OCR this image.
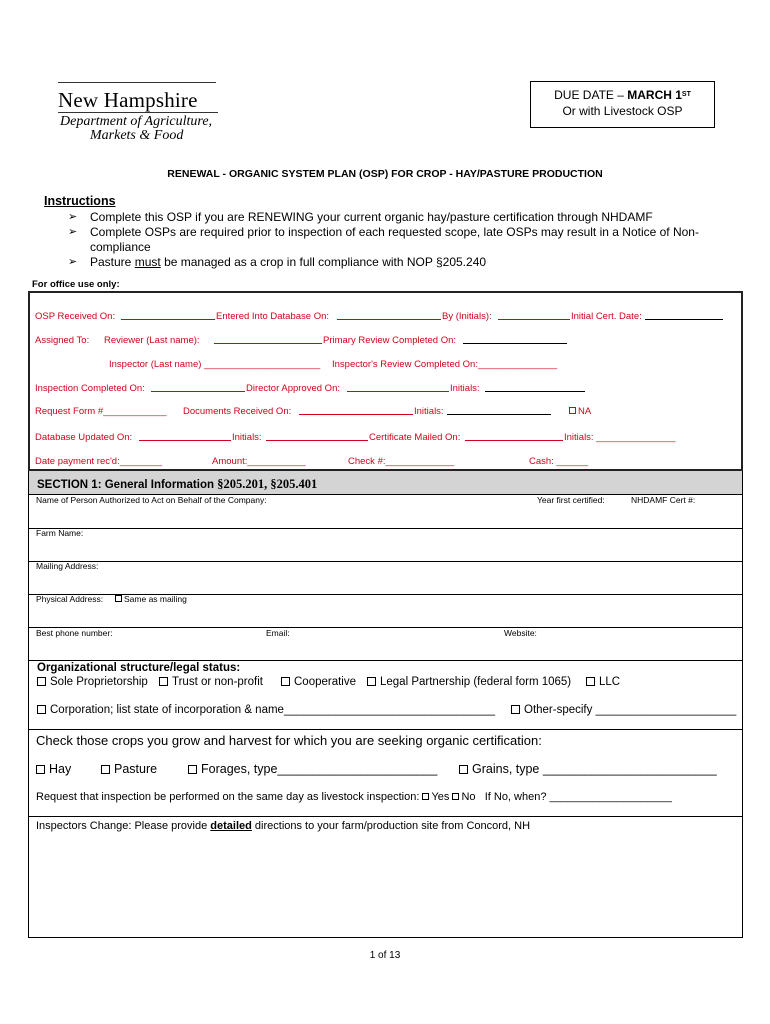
New Hampshire
Department of Agriculture,
Markets & Food
DUE DATE – MARCH 1ST
Or with Livestock OSP
RENEWAL - ORGANIC SYSTEM PLAN (OSP) FOR CROP - HAY/PASTURE PRODUCTION
Instructions
➢ Complete this OSP if you are RENEWING your current organic hay/pasture certification through NHDAMF
➢ Complete OSPs are required prior to inspection of each requested scope, late OSPs may result in a Notice of Non-compliance
➢ Pasture must be managed as a crop in full compliance with NOP §205.240
For office use only:
OSP Received On:	Entered Into Database On:	By (Initials):	Initial Cert. Date:
Assigned To: Reviewer (Last name):	Primary Review Completed On:
Inspector (Last name) ______________________ Inspector's Review Completed On:_______________
Inspection Completed On:	Director Approved On:	Initials:
Request Form #____________ Documents Received On:	Initials:	NA
Database Updated On:	Initials:	Certificate Mailed On:	Initials: _______________
Date payment rec'd:________	Amount:___________	Check #:_____________	Cash: ______
SECTION 1: General Information §205.201, §205.401
Name of Person Authorized to Act on Behalf of the Company:	Year first certified:	NHDAMF Cert #:
Farm Name:
Mailing Address:
Physical Address:	Same as mailing
Best phone number:	Email:	Website:
Organizational structure/legal status:
Sole Proprietorship	Trust or non-profit	Cooperative	Legal Partnership (federal form 1065)	LLC
Corporation; list state of incorporation & name_________________________________	Other-specify ______________________
Check those crops you grow and harvest for which you are seeking organic certification:
Hay	Pasture	Forages, type_______________________	Grains, type _________________________
Request that inspection be performed on the same day as livestock inspection: Yes No If No, when? ____________________
Inspectors Change: Please provide detailed directions to your farm/production site from Concord, NH
1 of 13
